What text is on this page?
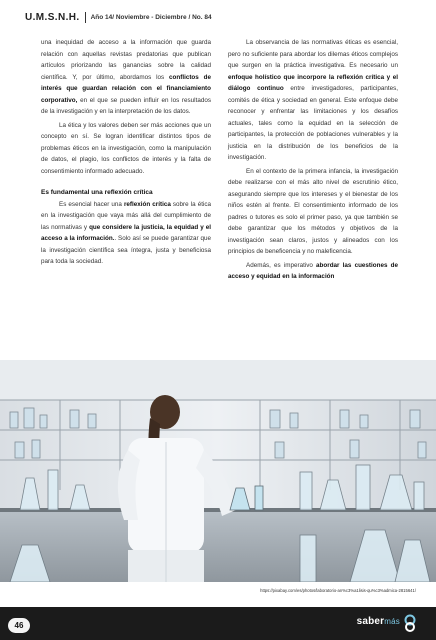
U.M.S.N.H. Año 14/ Noviembre - Diciembre / No. 84

una inequidad de acceso a la información que guarda relación con aquellas revistas predatorias que publican artículos priorizando las ganancias sobre la calidad científica. Y, por último, abordamos los conflictos de interés que guardan relación con el financiamiento corporativo, en el que se pueden influir en los resultados de la investigación y en la interpretación de los datos.

La ética y los valores deben ser más acciones que un concepto en sí. Se logran identificar distintos tipos de problemas éticos en la investigación, como la manipulación de datos, el plagio, los conflictos de interés y la falta de consentimiento informado adecuado.

Es fundamental una reflexión crítica

Es esencial hacer una reflexión crítica sobre la ética en la investigación que vaya más allá del cumplimiento de las normativas y que considere la justicia, la equidad y el acceso a la información.. Solo así se puede garantizar que la investigación científica sea íntegra, justa y beneficiosa para toda la sociedad.

La observancia de las normativas éticas es esencial, pero no suficiente para abordar los dilemas éticos complejos que surgen en la práctica investigativa. Es necesario un enfoque holístico que incorpore la reflexión crítica y el diálogo continuo entre investigadores, participantes, comités de ética y sociedad en general. Este enfoque debe reconocer y enfrentar las limitaciones y los desafíos actuales, tales como la equidad en la selección de participantes, la protección de poblaciones vulnerables y la justicia en la distribución de los beneficios de la investigación.

En el contexto de la primera infancia, la investigación debe realizarse con el más alto nivel de escrutinio ético, asegurando siempre que los intereses y el bienestar de los niños estén al frente. El consentimiento informado de los padres o tutores es solo el primer paso, ya que también se debe garantizar que los métodos y objetivos de la investigación sean claros, justos y alineados con los principios de beneficencia y no maleficencia.

Además, es imperativo abordar las cuestiones de acceso y equidad en la información

https://pixabay.com/es/photos/laboratorio-an%c3%a1lisis-qu%c3%admica-2815641/
46	sabermás
